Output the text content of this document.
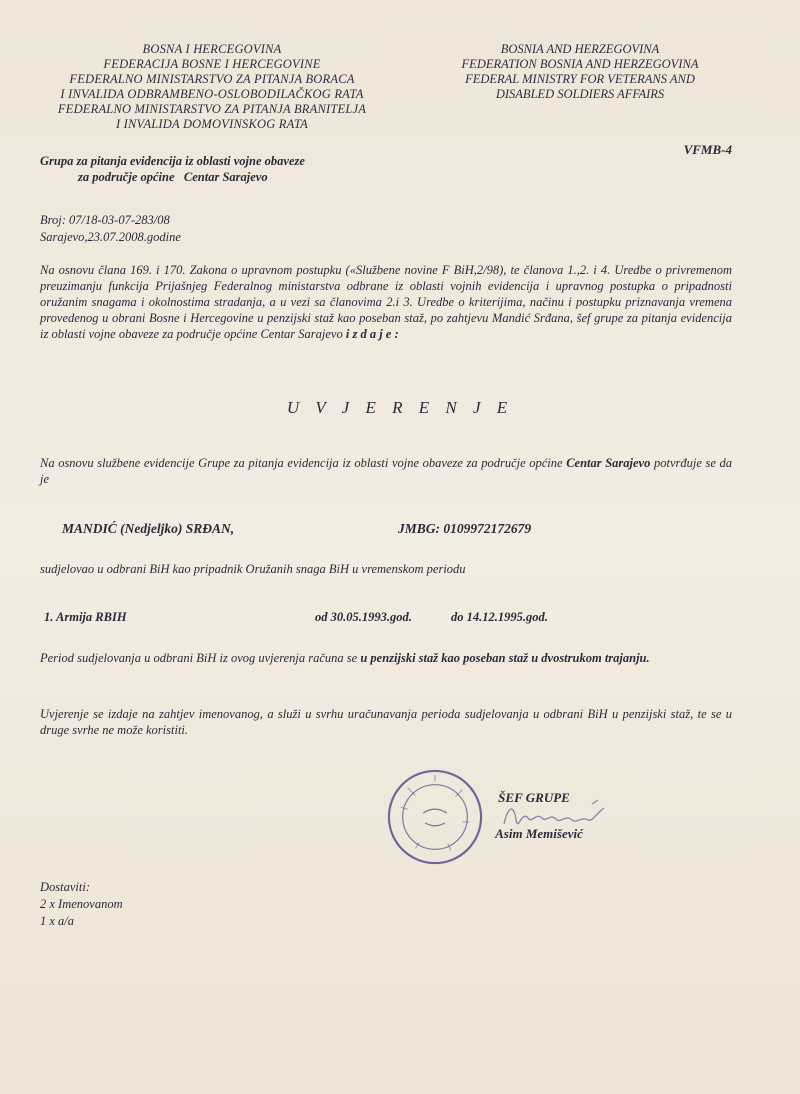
BOSNA I HERCEGOVINA
FEDERACIJA BOSNE I HERCEGOVINE
FEDERALNO MINISTARSTVO ZA PITANJA BORACA
I INVALIDA ODBRAMBENO-OSLOBODILAČKOG RATA
FEDERALNO MINISTARSTVO ZA PITANJA BRANITELJA
I INVALIDA DOMOVINSKOG RATA
BOSNIA AND HERZEGOVINA
FEDERATION BOSNIA AND HERZEGOVINA
FEDERAL MINISTRY FOR VETERANS AND
DISABLED SOLDIERS AFFAIRS
VFMB-4
Grupa za pitanja evidencija iz oblasti vojne obaveze
za područje općine Centar Sarajevo
Broj: 07/18-03-07-283/08
Sarajevo,23.07.2008.godine
Na osnovu člana 169. i 170. Zakona o upravnom postupku («Službene novine F BiH,2/98), te članova 1.,2. i 4. Uredbe o privremenom preuzimanju funkcija Prijašnjeg Federalnog ministarstva odbrane iz oblasti vojnih evidencija i upravnog postupka o pripadnosti oružanim snagama i okolnostima stradanja, a u vezi sa članovima 2.i 3. Uredbe o kriterijima, načinu i postupku priznavanja vremena provedenog u obrani Bosne i Hercegovine u penzijski staž kao poseban staž, po zahtjevu Mandić Srđana, šef grupe za pitanja evidencija iz oblasti vojne obaveze za područje općine Centar Sarajevo i z d a j e :
U V J E R E N J E
Na osnovu službene evidencije Grupe za pitanja evidencija iz oblasti vojne obaveze za područje općine Centar Sarajevo potvrđuje se da je
MANDIĆ (Nedjeljko) SRĐAN,	JMBG: 0109972172679
sudjelovao u odbrani BiH kao pripadnik Oružanih snaga BiH u vremenskom periodu
1. Armija RBIH	od 30.05.1993.god.	do 14.12.1995.god.
Period sudjelovanja u odbrani BiH iz ovog uvjerenja računa se u penzijski staž kao poseban staž u dvostrukom trajanju.
Uvjerenje se izdaje na zahtjev imenovanog, a služi u svrhu uračunavanja perioda sudjelovanja u odbrani BiH u penzijski staž, te se u druge svrhe ne može koristiti.
ŠEF GRUPE
Asim Memišević
Dostaviti:
2 x Imenovanom
1 x a/a
